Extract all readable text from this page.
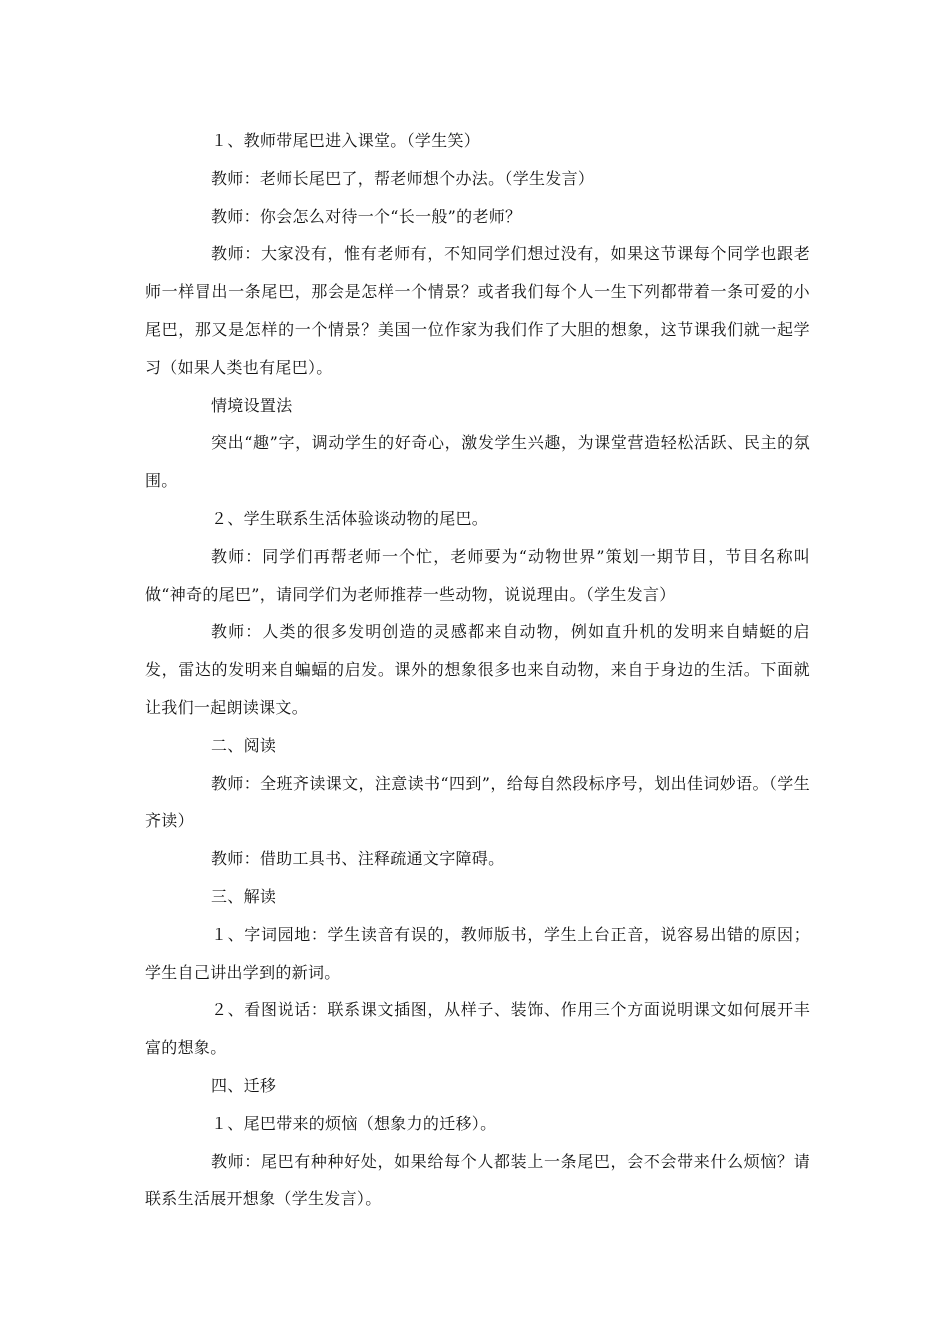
１、教师带尾巴进入课堂。（学生笑）

教师：老师长尾巴了，帮老师想个办法。（学生发言）

教师：你会怎么对待一个“长一般”的老师？

教师：大家没有，惟有老师有，不知同学们想过没有，如果这节课每个同学也跟老师一样冒出一条尾巴，那会是怎样一个情景？或者我们每个人一生下列都带着一条可爱的小尾巴，那又是怎样的一个情景？美国一位作家为我们作了大胆的想象，这节课我们就一起学习（如果人类也有尾巴）。

情境设置法

突出“趣”字，调动学生的好奇心，激发学生兴趣，为课堂营造轻松活跃、民主的氛围。

２、学生联系生活体验谈动物的尾巴。

教师：同学们再帮老师一个忙，老师要为“动物世界”策划一期节目，节目名称叫做“神奇的尾巴”，请同学们为老师推荐一些动物，说说理由。（学生发言）

教师：人类的很多发明创造的灵感都来自动物，例如直升机的发明来自蜻蜓的启发，雷达的发明来自蝙蝠的启发。课外的想象很多也来自动物，来自于身边的生活。下面就让我们一起朗读课文。

二、阅读

教师：全班齐读课文，注意读书“四到”，给每自然段标序号，划出佳词妙语。（学生齐读）

教师：借助工具书、注释疏通文字障碍。

三、解读

１、字词园地：学生读音有误的，教师版书，学生上台正音，说容易出错的原因；学生自己讲出学到的新词。

２、看图说话：联系课文插图，从样子、装饰、作用三个方面说明课文如何展开丰富的想象。

四、迁移

１、尾巴带来的烦恼（想象力的迁移）。

教师：尾巴有种种好处，如果给每个人都装上一条尾巴，会不会带来什么烦恼？请联系生活展开想象（学生发言）。
